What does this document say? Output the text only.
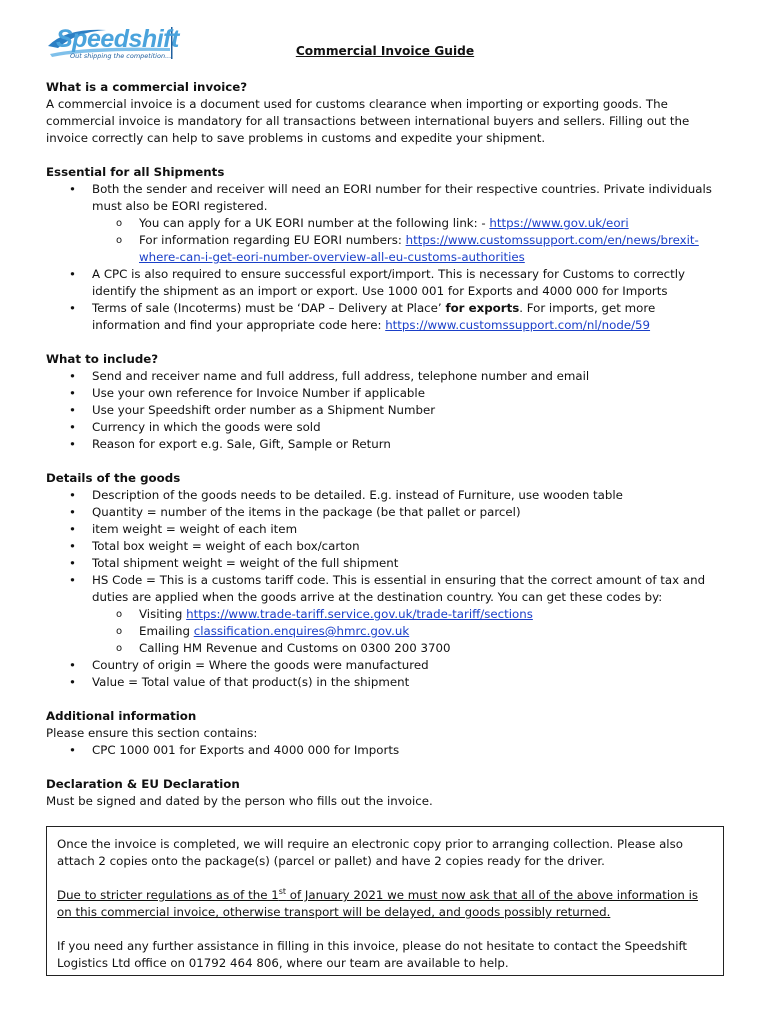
Speedshift
Out shipping the competition...	Commercial Invoice Guide
What is a commercial invoice?

A commercial invoice is a document used for customs clearance when importing or exporting goods. The commercial invoice is mandatory for all transactions between international buyers and sellers. Filling out the invoice correctly can help to save problems in customs and expedite your shipment.

Essential for all Shipments
• Both the sender and receiver will need an EORI number for their respective countries. Private individuals must also be EORI registered.
o You can apply for a UK EORI number at the following link: - https://www.gov.uk/eori
o For information regarding EU EORI numbers: https://www.customssupport.com/en/news/brexit-where-can-i-get-eori-number-overview-all-eu-customs-authorities
• A CPC is also required to ensure successful export/import. This is necessary for Customs to correctly identify the shipment as an import or export. Use 1000 001 for Exports and 4000 000 for Imports
• Terms of sale (Incoterms) must be ‘DAP – Delivery at Place’ for exports. For imports, get more information and find your appropriate code here: https://www.customssupport.com/nl/node/59
What to include?
• Send and receiver name and full address, full address, telephone number and email
• Use your own reference for Invoice Number if applicable
• Use your Speedshift order number as a Shipment Number
• Currency in which the goods were sold
• Reason for export e.g. Sale, Gift, Sample or Return
Details of the goods
• Description of the goods needs to be detailed. E.g. instead of Furniture, use wooden table
• Quantity = number of the items in the package (be that pallet or parcel)
• item weight = weight of each item
• Total box weight = weight of each box/carton
• Total shipment weight = weight of the full shipment
• HS Code = This is a customs tariff code. This is essential in ensuring that the correct amount of tax and duties are applied when the goods arrive at the destination country. You can get these codes by:
o Visiting https://www.trade-tariff.service.gov.uk/trade-tariff/sections
o Emailing classification.enquires@hmrc.gov.uk
o Calling HM Revenue and Customs on 0300 200 3700
• Country of origin = Where the goods were manufactured
• Value = Total value of that product(s) in the shipment
Additional information

Please ensure this section contains:

• CPC 1000 001 for Exports and 4000 000 for Imports
Declaration & EU Declaration

Must be signed and dated by the person who fills out the invoice.

Once the invoice is completed, we will require an electronic copy prior to arranging collection. Please also attach 2 copies onto the package(s) (parcel or pallet) and have 2 copies ready for the driver.

Due to stricter regulations as of the 1st of January 2021 we must now ask that all of the above information is on this commercial invoice, otherwise transport will be delayed, and goods possibly returned.

If you need any further assistance in filling in this invoice, please do not hesitate to contact the Speedshift Logistics Ltd office on 01792 464 806, where our team are available to help.
